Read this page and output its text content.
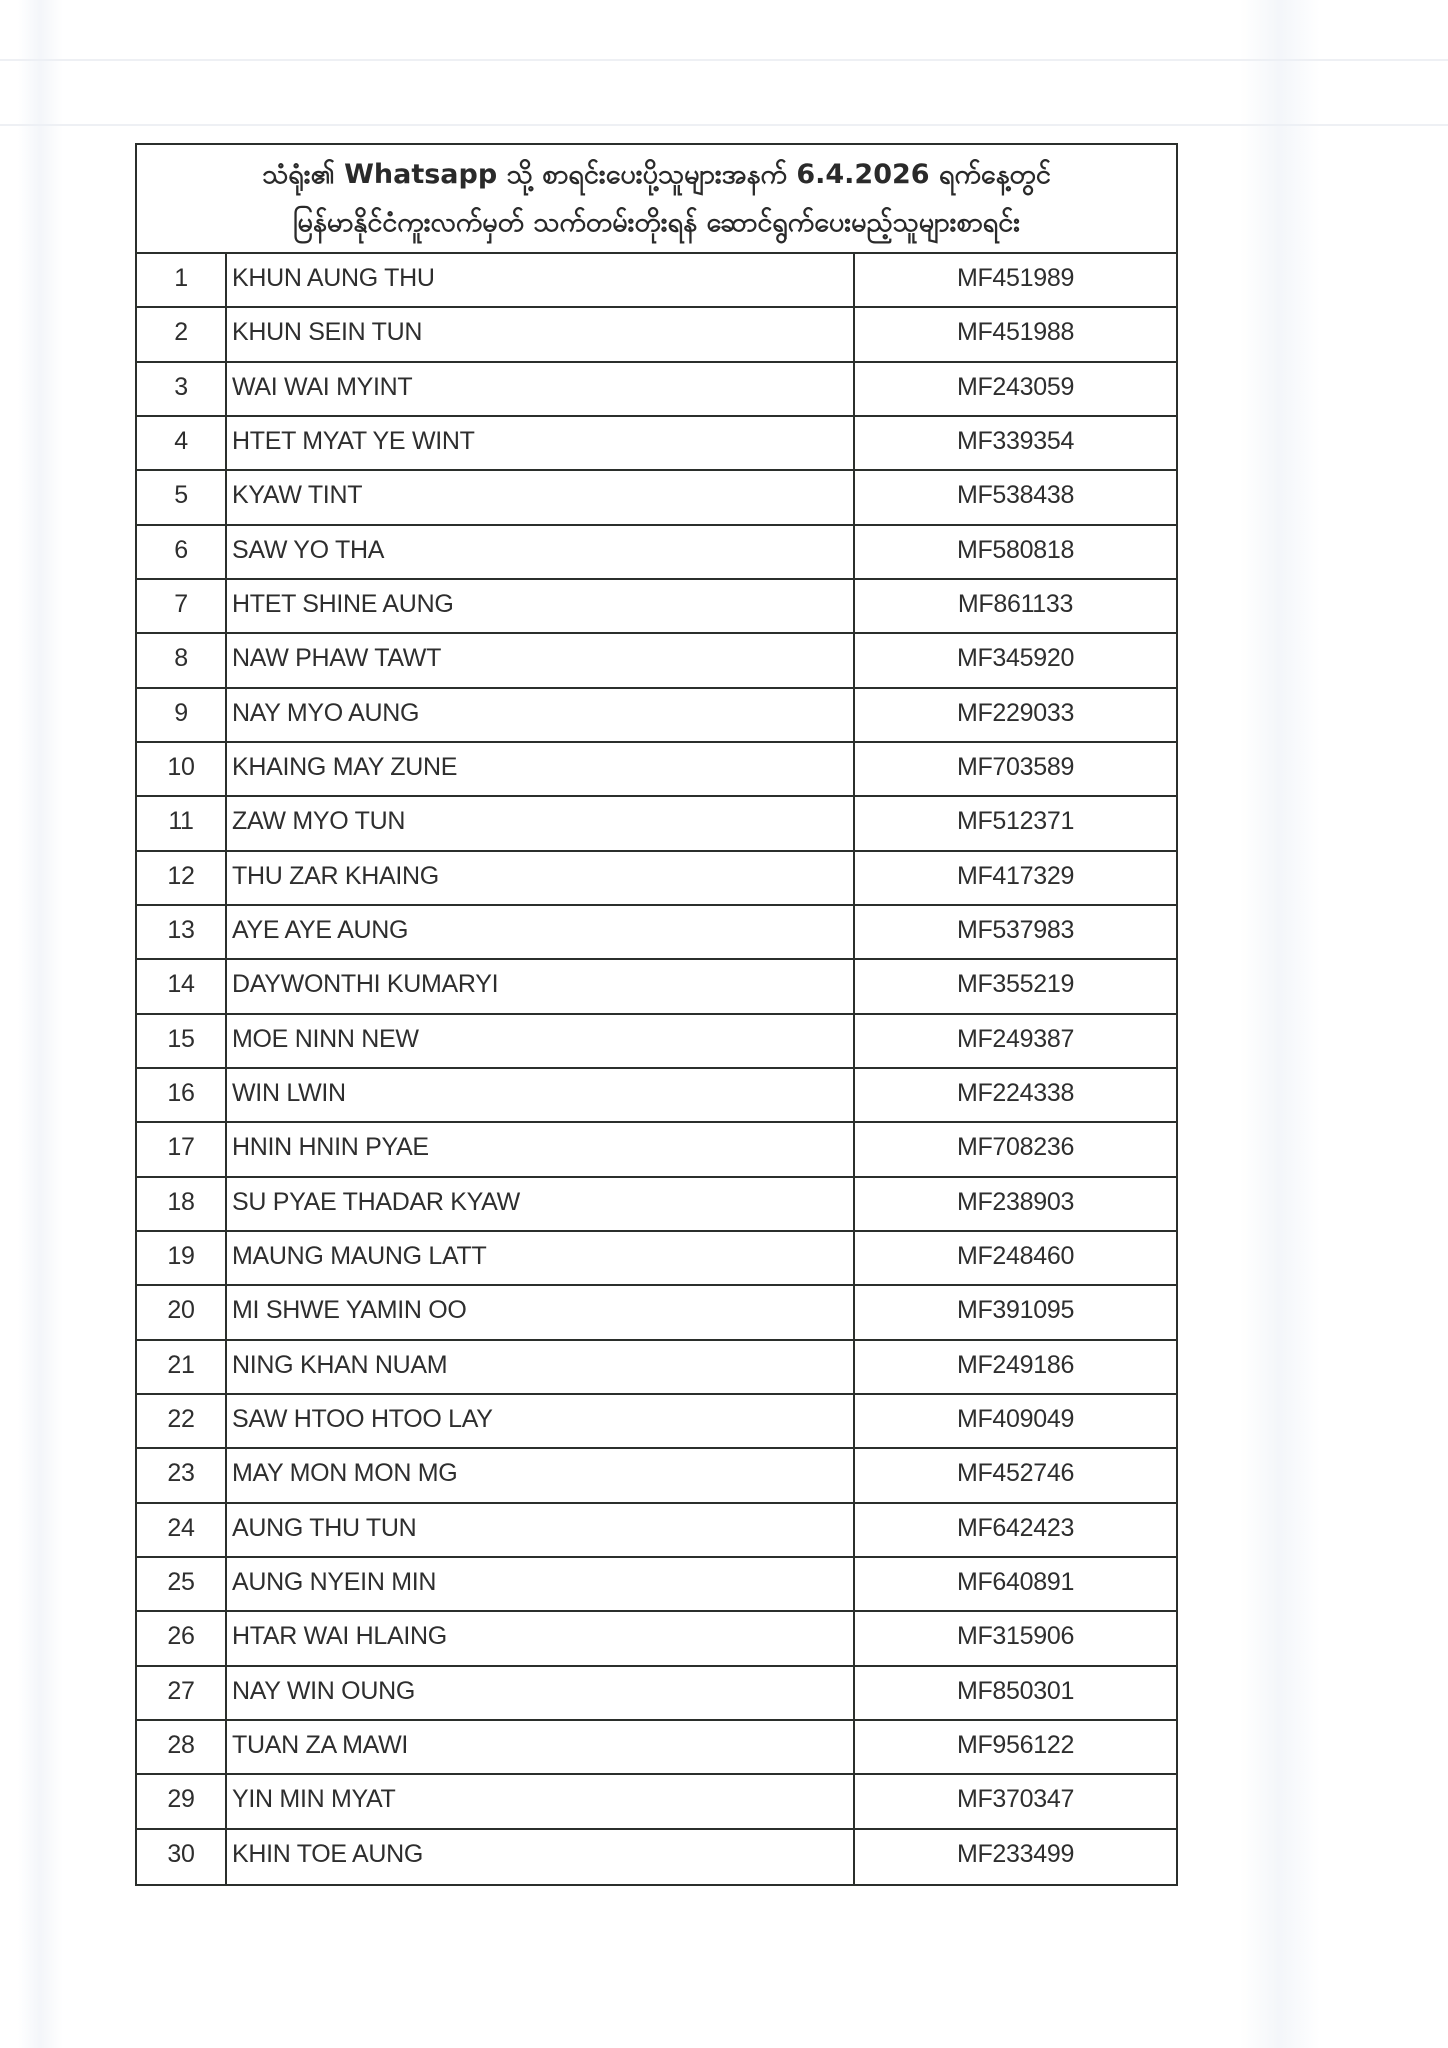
သံရုံး၏ Whatsapp သို့ စာရင်းပေးပို့သူများအနက် 6.4.2026 ရက်နေ့တွင်
မြန်မာနိုင်ငံကူးလက်မှတ် သက်တမ်းတိုးရန် ဆောင်ရွက်ပေးမည့်သူများစာရင်း
1	KHUN AUNG THU	MF451989
2	KHUN SEIN TUN	MF451988
3	WAI WAI MYINT	MF243059
4	HTET MYAT YE WINT	MF339354
5	KYAW TINT	MF538438
6	SAW YO THA	MF580818
7	HTET SHINE AUNG	MF861133
8	NAW PHAW TAWT	MF345920
9	NAY MYO AUNG	MF229033
10	KHAING MAY ZUNE	MF703589
11	ZAW MYO TUN	MF512371
12	THU ZAR KHAING	MF417329
13	AYE AYE AUNG	MF537983
14	DAYWONTHI KUMARYI	MF355219
15	MOE NINN NEW	MF249387
16	WIN LWIN	MF224338
17	HNIN HNIN PYAE	MF708236
18	SU PYAE THADAR KYAW	MF238903
19	MAUNG MAUNG LATT	MF248460
20	MI SHWE YAMIN OO	MF391095
21	NING KHAN NUAM	MF249186
22	SAW HTOO HTOO LAY	MF409049
23	MAY MON MON MG	MF452746
24	AUNG THU TUN	MF642423
25	AUNG NYEIN MIN	MF640891
26	HTAR WAI HLAING	MF315906
27	NAY WIN OUNG	MF850301
28	TUAN ZA MAWI	MF956122
29	YIN MIN MYAT	MF370347
30	KHIN TOE AUNG	MF233499
